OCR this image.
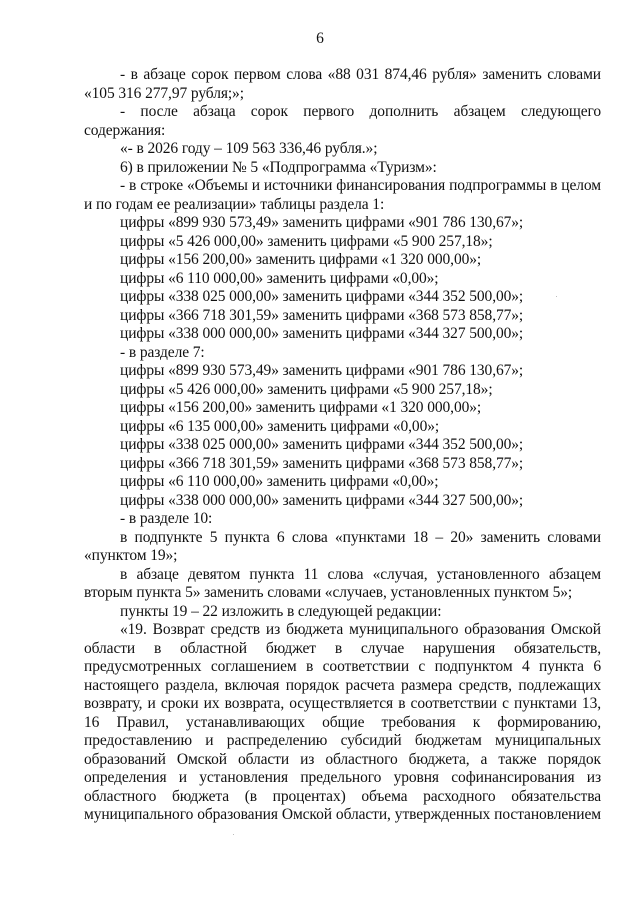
6
- в абзаце сорок первом слова «88 031 874,46 рубля» заменить словами
«105 316 277,97 рубля;»;
- после абзаца сорок первого дополнить абзацем следующего
содержания:
«- в 2026 году – 109 563 336,46 рубля.»;
6) в приложении № 5 «Подпрограмма «Туризм»:
- в строке «Объемы и источники финансирования подпрограммы в целом
и по годам ее реализации» таблицы раздела 1:
цифры «899 930 573,49» заменить цифрами «901 786 130,67»;
цифры «5 426 000,00» заменить цифрами «5 900 257,18»;
цифры «156 200,00» заменить цифрами «1 320 000,00»;
цифры «6 110 000,00» заменить цифрами «0,00»;
цифры «338 025 000,00» заменить цифрами «344 352 500,00»;
цифры «366 718 301,59» заменить цифрами «368 573 858,77»;
цифры «338 000 000,00» заменить цифрами «344 327 500,00»;
- в разделе 7:
цифры «899 930 573,49» заменить цифрами «901 786 130,67»;
цифры «5 426 000,00» заменить цифрами «5 900 257,18»;
цифры «156 200,00» заменить цифрами «1 320 000,00»;
цифры «6 135 000,00» заменить цифрами «0,00»;
цифры «338 025 000,00» заменить цифрами «344 352 500,00»;
цифры «366 718 301,59» заменить цифрами «368 573 858,77»;
цифры «6 110 000,00» заменить цифрами «0,00»;
цифры «338 000 000,00» заменить цифрами «344 327 500,00»;
- в разделе 10:
в подпункте 5 пункта 6 слова «пунктами 18 – 20» заменить словами
«пунктом 19»;
в абзаце девятом пункта 11 слова «случая, установленного абзацем
вторым пункта 5» заменить словами «случаев, установленных пунктом 5»;
пункты 19 – 22 изложить в следующей редакции:
«19. Возврат средств из бюджета муниципального образования Омской
области в областной бюджет в случае нарушения обязательств,
предусмотренных соглашением в соответствии с подпунктом 4 пункта 6
настоящего раздела, включая порядок расчета размера средств, подлежащих
возврату, и сроки их возврата, осуществляется в соответствии с пунктами 13,
16 Правил, устанавливающих общие требования к формированию,
предоставлению и распределению субсидий бюджетам муниципальных
образований Омской области из областного бюджета, а также порядок
определения и установления предельного уровня софинансирования из
областного бюджета (в процентах) объема расходного обязательства
муниципального образования Омской области, утвержденных постановлением
